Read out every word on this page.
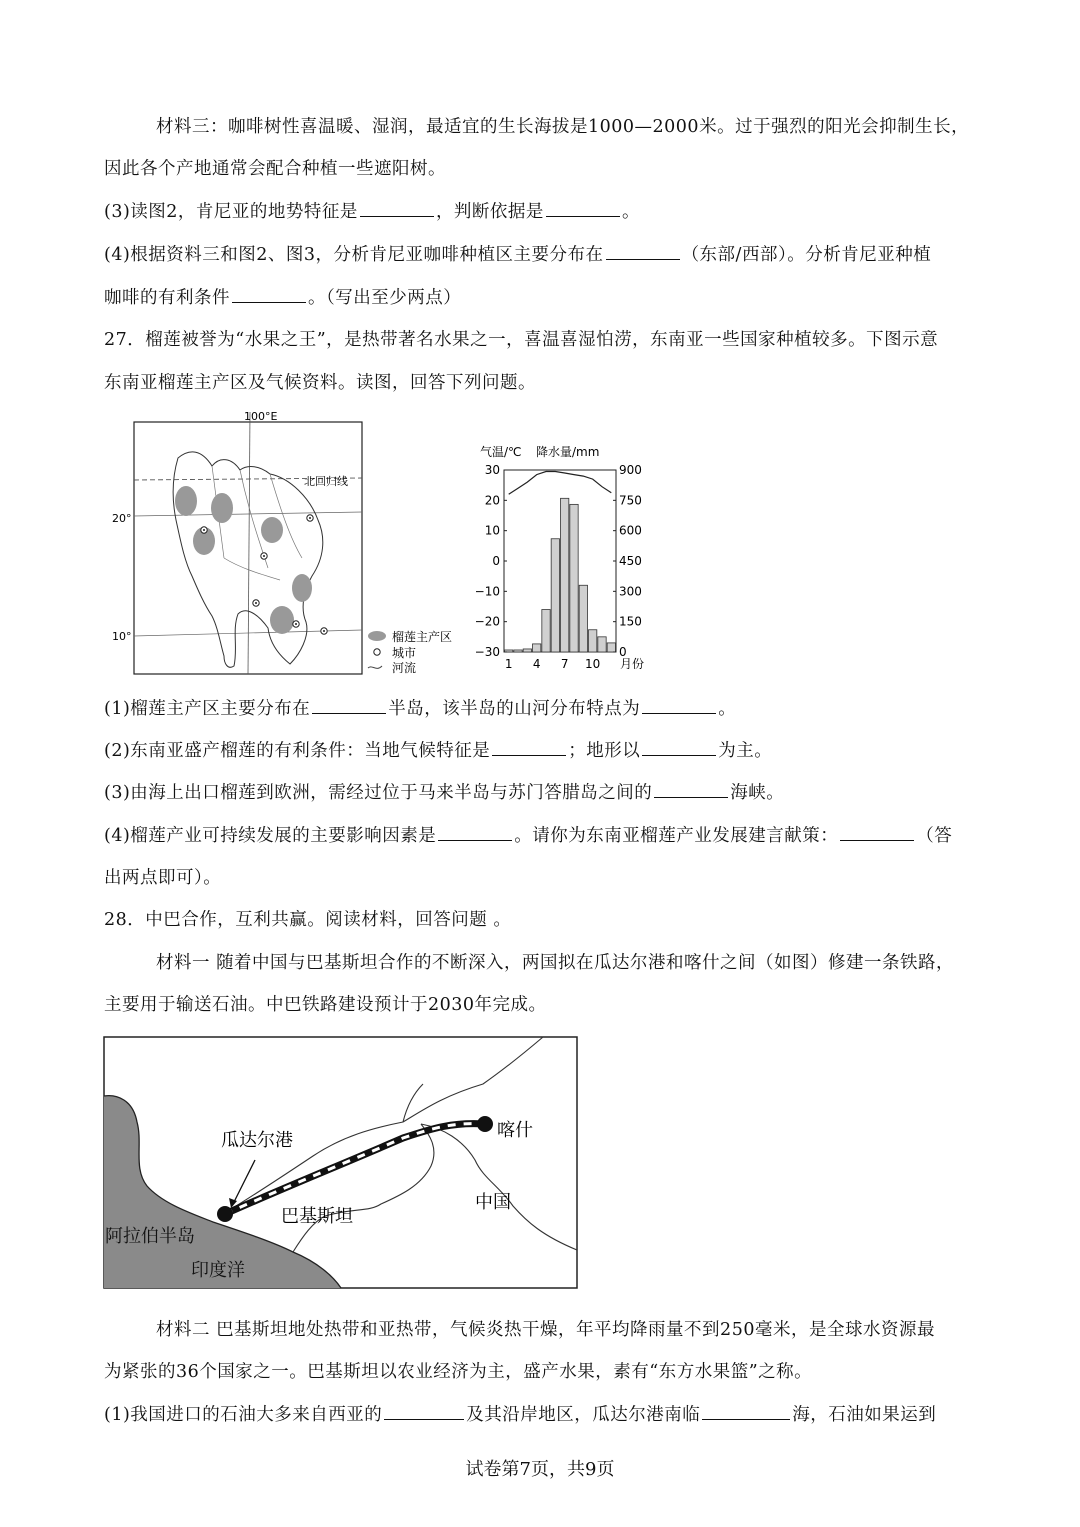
材料三：咖啡树性喜温暖、湿润，最适宜的生长海拔是1000—2000米。过于强烈的阳光会抑制生长，
因此各个产地通常会配合种植一些遮阳树。
(3)读图2，肯尼亚的地势特征是	，判断依据是	。
(4)根据资料三和图2、图3，分析肯尼亚咖啡种植区主要分布在	（东部/西部）。分析肯尼亚种植
咖啡的有利条件	。（写出至少两点）
27．榴莲被誉为“水果之王”，是热带著名水果之一，喜温喜湿怕涝，东南亚一些国家种植较多。下图示意
东南亚榴莲主产区及气候资料。读图，回答下列问题。
100°E
北回归线
20°
10°	榴莲主产区
城市
河流
气温/℃ 降水量/mm
30
20
10
0
−10
−20
−30
900
750
600
450
300
150
0
1 4 7 10 月份
(1)榴莲主产区主要分布在	半岛，该半岛的山河分布特点为	。
(2)东南亚盛产榴莲的有利条件：当地气候特征是	；地形以	为主。
(3)由海上出口榴莲到欧洲，需经过位于马来半岛与苏门答腊岛之间的	海峡。
(4)榴莲产业可持续发展的主要影响因素是	。请你为东南亚榴莲产业发展建言献策：	（答
出两点即可）。
28．中巴合作，互利共赢。阅读材料，回答问题 。
材料一 随着中国与巴基斯坦合作的不断深入，两国拟在瓜达尔港和喀什之间（如图）修建一条铁路，
主要用于输送石油。中巴铁路建设预计于2030年完成。
瓜达尔港	喀什
中国
巴基斯坦
阿拉伯半岛
印度洋
材料二 巴基斯坦地处热带和亚热带，气候炎热干燥，年平均降雨量不到250毫米，是全球水资源最
为紧张的36个国家之一。巴基斯坦以农业经济为主，盛产水果，素有“东方水果篮”之称。
(1)我国进口的石油大多来自西亚的	及其沿岸地区，瓜达尔港南临	海，石油如果运到
试卷第7页，共9页
